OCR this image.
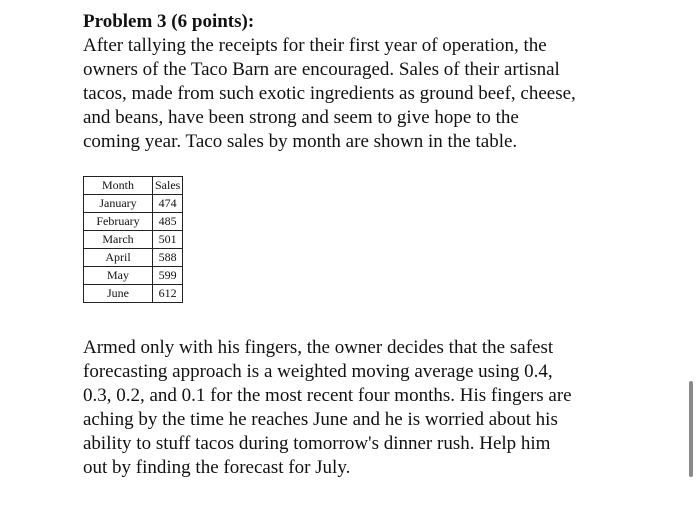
Problem 3 (6 points):
After tallying the receipts for their first year of operation, the
owners of the Taco Barn are encouraged. Sales of their artisnal
tacos, made from such exotic ingredients as ground beef, cheese,
and beans, have been strong and seem to give hope to the
coming year. Taco sales by month are shown in the table.
Month	Sales
January	474
February	485
March	501
April	588
May	599
June	612
Armed only with his fingers, the owner decides that the safest
forecasting approach is a weighted moving average using 0.4,
0.3, 0.2, and 0.1 for the most recent four months. His fingers are
aching by the time he reaches June and he is worried about his
ability to stuff tacos during tomorrow's dinner rush. Help him
out by finding the forecast for July.
